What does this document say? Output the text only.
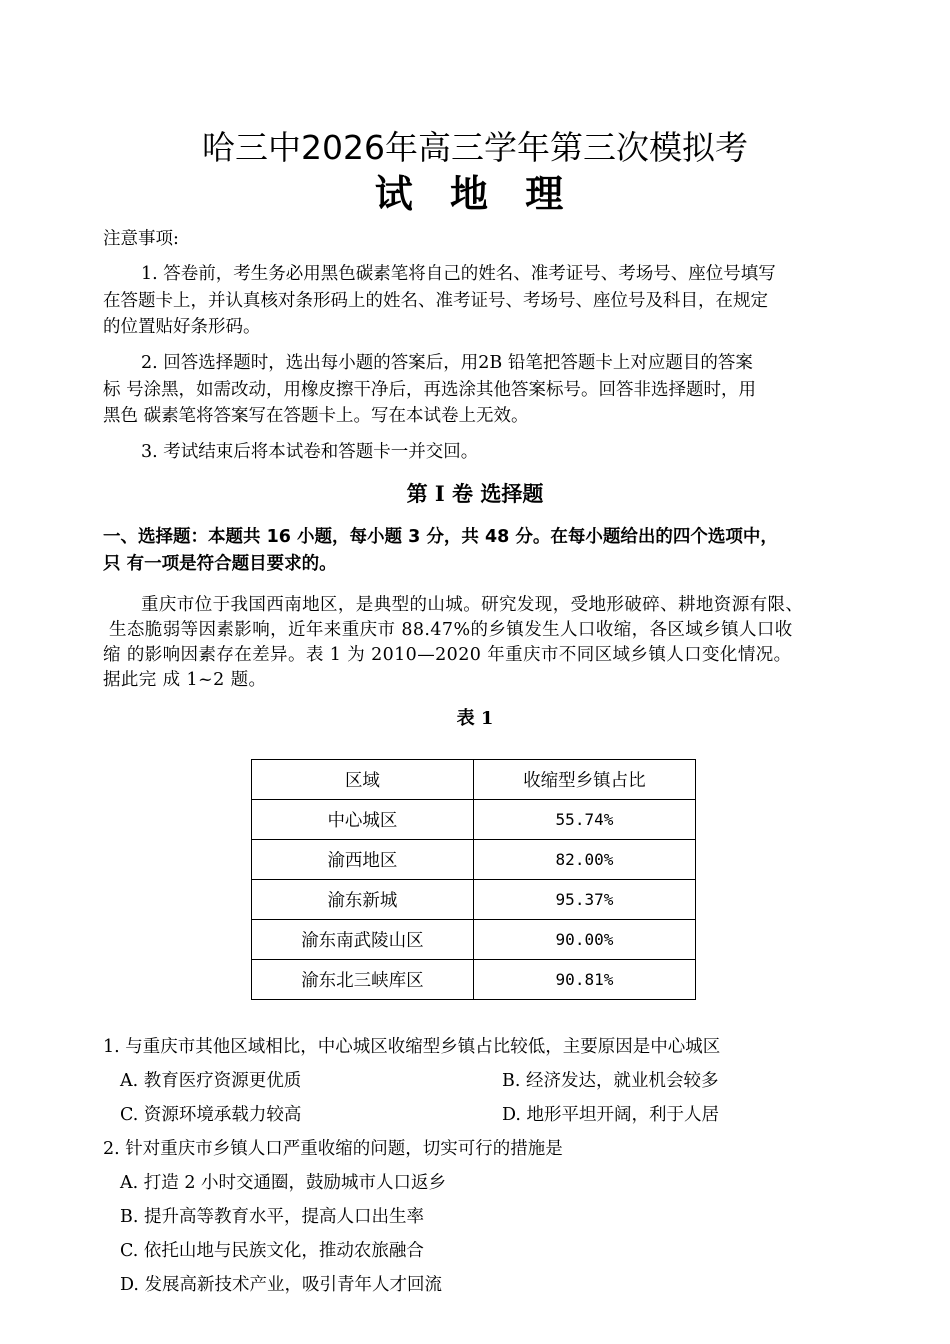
哈三中2026年高三学年第三次模拟考
试 地 理
注意事项:
1. 答卷前，考生务必用黑色碳素笔将自己的姓名、准考证号、考场号、座位号填写
在答题卡上，并认真核对条形码上的姓名、准考证号、考场号、座位号及科目，在规定
的位置贴好条形码。
2. 回答选择题时，选出每小题的答案后，用2B 铅笔把答题卡上对应题目的答案
标 号涂黑，如需改动，用橡皮擦干净后，再选涂其他答案标号。回答非选择题时，用
黑色 碳素笔将答案写在答题卡上。写在本试卷上无效。
3. 考试结束后将本试卷和答题卡一并交回。
第 I 卷 选择题
一、选择题：本题共 16 小题，每小题 3 分，共 48 分。在每小题给出的四个选项中，
只 有一项是符合题目要求的。
重庆市位于我国西南地区，是典型的山城。研究发现，受地形破碎、耕地资源有限、
生态脆弱等因素影响，近年来重庆市 88.47%的乡镇发生人口收缩，各区域乡镇人口收
缩 的影响因素存在差异。表 1 为 2010—2020 年重庆市不同区域乡镇人口变化情况。
据此完 成 1~2 题。
表 1
区域	收缩型乡镇占比
中心城区	55.74%
渝西地区	82.00%
渝东新城	95.37%
渝东南武陵山区	90.00%
渝东北三峡库区	90.81%
1. 与重庆市其他区域相比，中心城区收缩型乡镇占比较低，主要原因是中心城区
A. 教育医疗资源更优质	B. 经济发达，就业机会较多
C. 资源环境承载力较高	D. 地形平坦开阔，利于人居
2. 针对重庆市乡镇人口严重收缩的问题，切实可行的措施是
A. 打造 2 小时交通圈，鼓励城市人口返乡
B. 提升高等教育水平，提高人口出生率
C. 依托山地与民族文化，推动农旅融合
D. 发展高新技术产业，吸引青年人才回流
